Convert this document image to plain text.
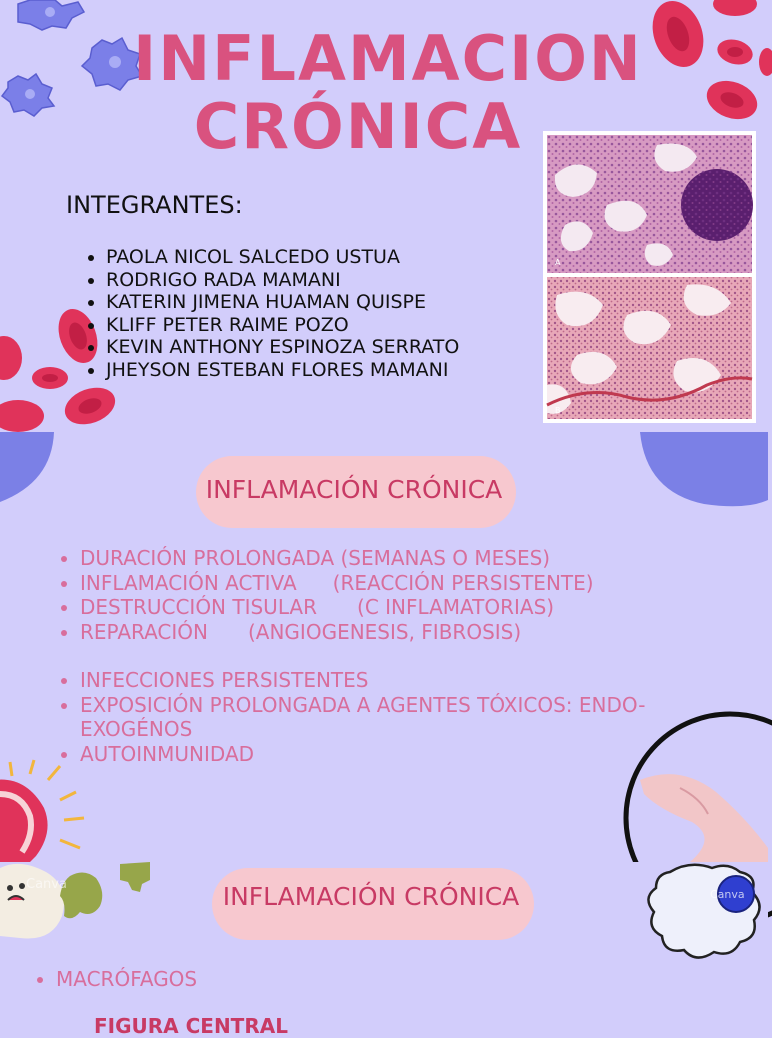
INFLAMACION
CRÓNICA

INTEGRANTES:

• PAOLA NICOL SALCEDO USTUA
• RODRIGO RADA MAMANI
• KATERIN JIMENA HUAMAN QUISPE
• KLIFF PETER RAIME POZO
• KEVIN ANTHONY ESPINOZA SERRATO
• JHEYSON ESTEBAN FLORES MAMANI
A
B

INFLAMACIÓN CRÓNICA

• DURACIÓN PROLONGADA (SEMANAS O MESES)
• INFLAMACIÓN ACTIVA (REACCIÓN PERSISTENTE)
• DESTRUCCIÓN TISULAR (C INFLAMATORIAS)
• REPARACIÓN (ANGIOGENESIS, FIBROSIS)
• INFECCIONES PERSISTENTES
• EXPOSICIÓN PROLONGADA A AGENTES TÓXICOS: ENDO-EXOGÉNOS
• AUTOINMUNIDAD
Canva
Canva

INFLAMACIÓN CRÓNICA

• MACRÓFAGOS

FIGURA CENTRAL
